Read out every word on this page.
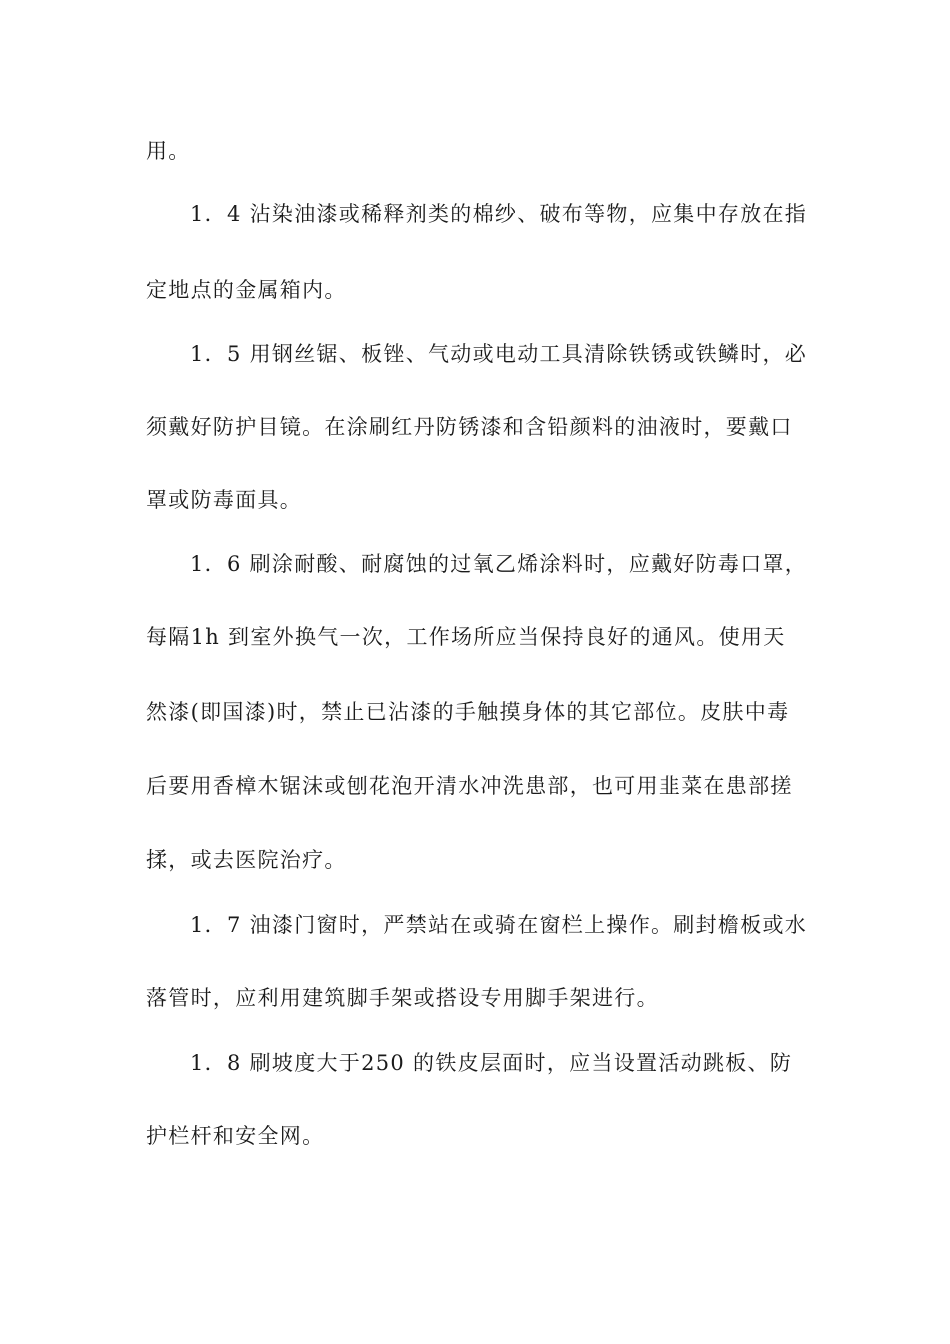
用。
1．4 沾染油漆或稀释剂类的棉纱、破布等物，应集中存放在指
定地点的金属箱内。
1．5 用钢丝锯、板锉、气动或电动工具清除铁锈或铁鳞时，必
须戴好防护目镜。在涂刷红丹防锈漆和含铅颜料的油液时，要戴口
罩或防毒面具。
1．6 刷涂耐酸、耐腐蚀的过氧乙烯涂料时，应戴好防毒口罩，
每隔1h 到室外换气一次，工作场所应当保持良好的通风。使用天
然漆(即国漆)时，禁止已沾漆的手触摸身体的其它部位。皮肤中毒
后要用香樟木锯沫或刨花泡开清水冲洗患部，也可用韭菜在患部搓
揉，或去医院治疗。
1．7 油漆门窗时，严禁站在或骑在窗栏上操作。刷封檐板或水
落管时，应利用建筑脚手架或搭设专用脚手架进行。
1．8 刷坡度大于250 的铁皮层面时，应当设置活动跳板、防
护栏杆和安全网。
